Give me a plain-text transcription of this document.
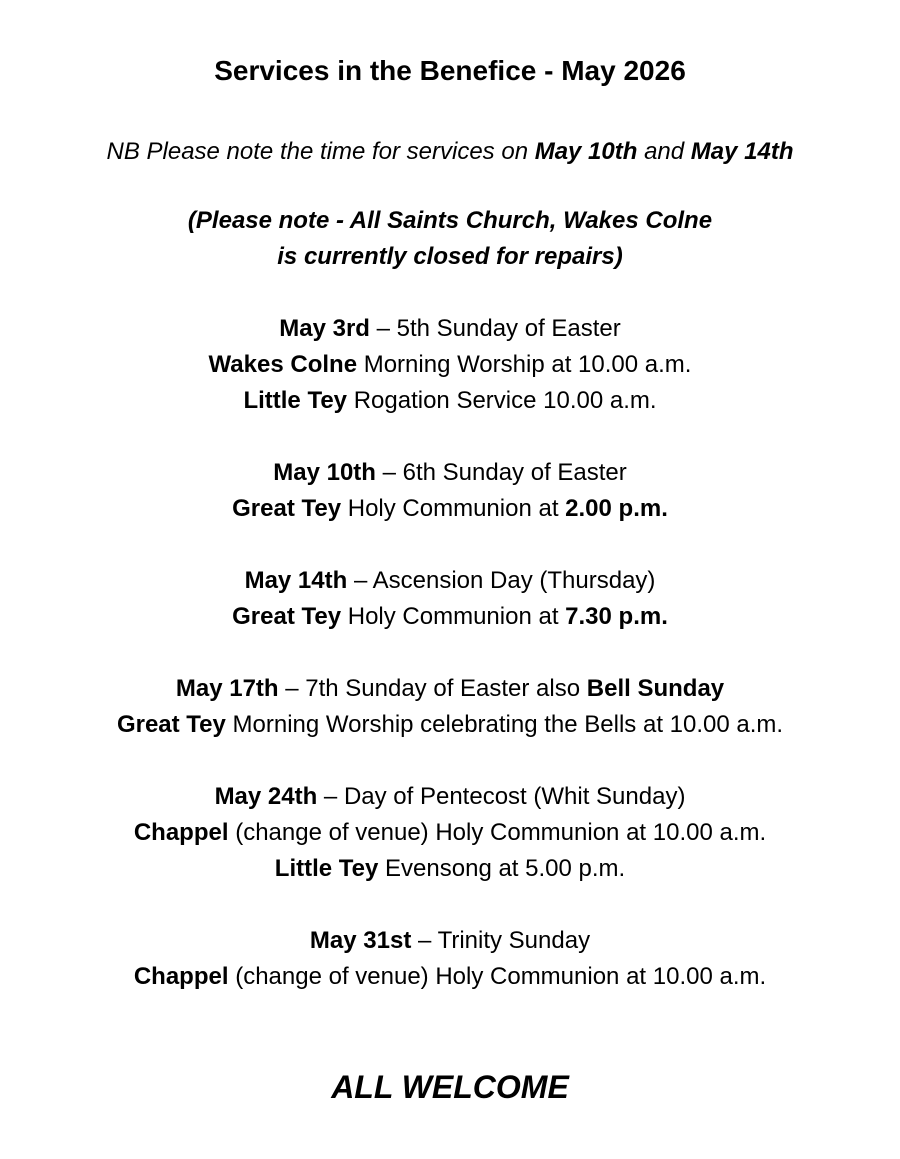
Services in the Benefice - May 2026
NB Please note the time for services on May 10th and May 14th
(Please note - All Saints Church, Wakes Colne
is currently closed for repairs)
May 3rd – 5th Sunday of Easter
Wakes Colne Morning Worship at 10.00 a.m.
Little Tey Rogation Service 10.00 a.m.
May 10th – 6th Sunday of Easter
Great Tey Holy Communion at 2.00 p.m.
May 14th – Ascension Day (Thursday)
Great Tey Holy Communion at 7.30 p.m.
May 17th – 7th Sunday of Easter also Bell Sunday
Great Tey Morning Worship celebrating the Bells at 10.00 a.m.
May 24th – Day of Pentecost (Whit Sunday)
Chappel (change of venue) Holy Communion at 10.00 a.m.
Little Tey Evensong at 5.00 p.m.
May 31st – Trinity Sunday
Chappel (change of venue) Holy Communion at 10.00 a.m.
ALL WELCOME
